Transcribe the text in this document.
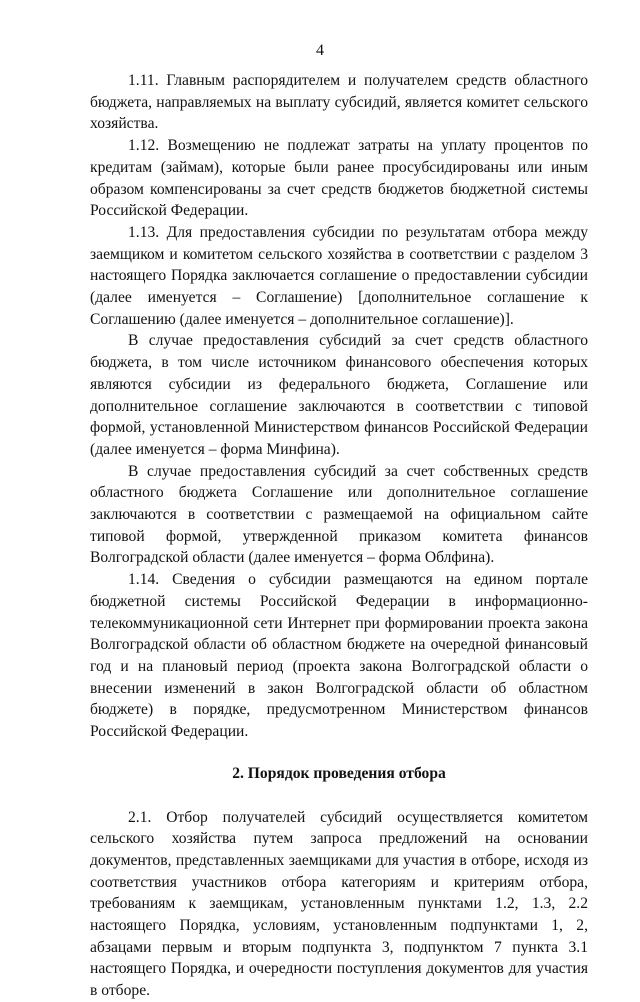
4

1.11. Главным распорядителем и получателем средств областного бюджета, направляемых на выплату субсидий, является комитет сельского хозяйства.

1.12. Возмещению не подлежат затраты на уплату процентов по кредитам (займам), которые были ранее просубсидированы или иным образом компенсированы за счет средств бюджетов бюджетной системы Российской Федерации.

1.13. Для предоставления субсидии по результатам отбора между заемщиком и комитетом сельского хозяйства в соответствии с разделом 3 настоящего Порядка заключается соглашение о предоставлении субсидии (далее именуется – Соглашение) [дополнительное соглашение к Соглашению (далее именуется – дополнительное соглашение)].

В случае предоставления субсидий за счет средств областного бюджета, в том числе источником финансового обеспечения которых являются субсидии из федерального бюджета, Соглашение или дополнительное соглашение заключаются в соответствии с типовой формой, установленной Министерством финансов Российской Федерации (далее именуется – форма Минфина).

В случае предоставления субсидий за счет собственных средств областного бюджета Соглашение или дополнительное соглашение заключаются в соответствии с размещаемой на официальном сайте типовой формой, утвержденной приказом комитета финансов Волгоградской области (далее именуется – форма Облфина).

1.14. Сведения о субсидии размещаются на едином портале бюджетной системы Российской Федерации в информационно-телекоммуникационной сети Интернет при формировании проекта закона Волгоградской области об областном бюджете на очередной финансовый год и на плановый период (проекта закона Волгоградской области о внесении изменений в закон Волгоградской области об областном бюджете) в порядке, предусмотренном Министерством финансов Российской Федерации.

2. Порядок проведения отбора

2.1. Отбор получателей субсидий осуществляется комитетом сельского хозяйства путем запроса предложений на основании документов, представленных заемщиками для участия в отборе, исходя из соответствия участников отбора категориям и критериям отбора, требованиям к заемщикам, установленным пунктами 1.2, 1.3, 2.2 настоящего Порядка, условиям, установленным подпунктами 1, 2, абзацами первым и вторым подпункта 3, подпунктом 7 пункта 3.1 настоящего Порядка, и очередности поступления документов для участия в отборе.
